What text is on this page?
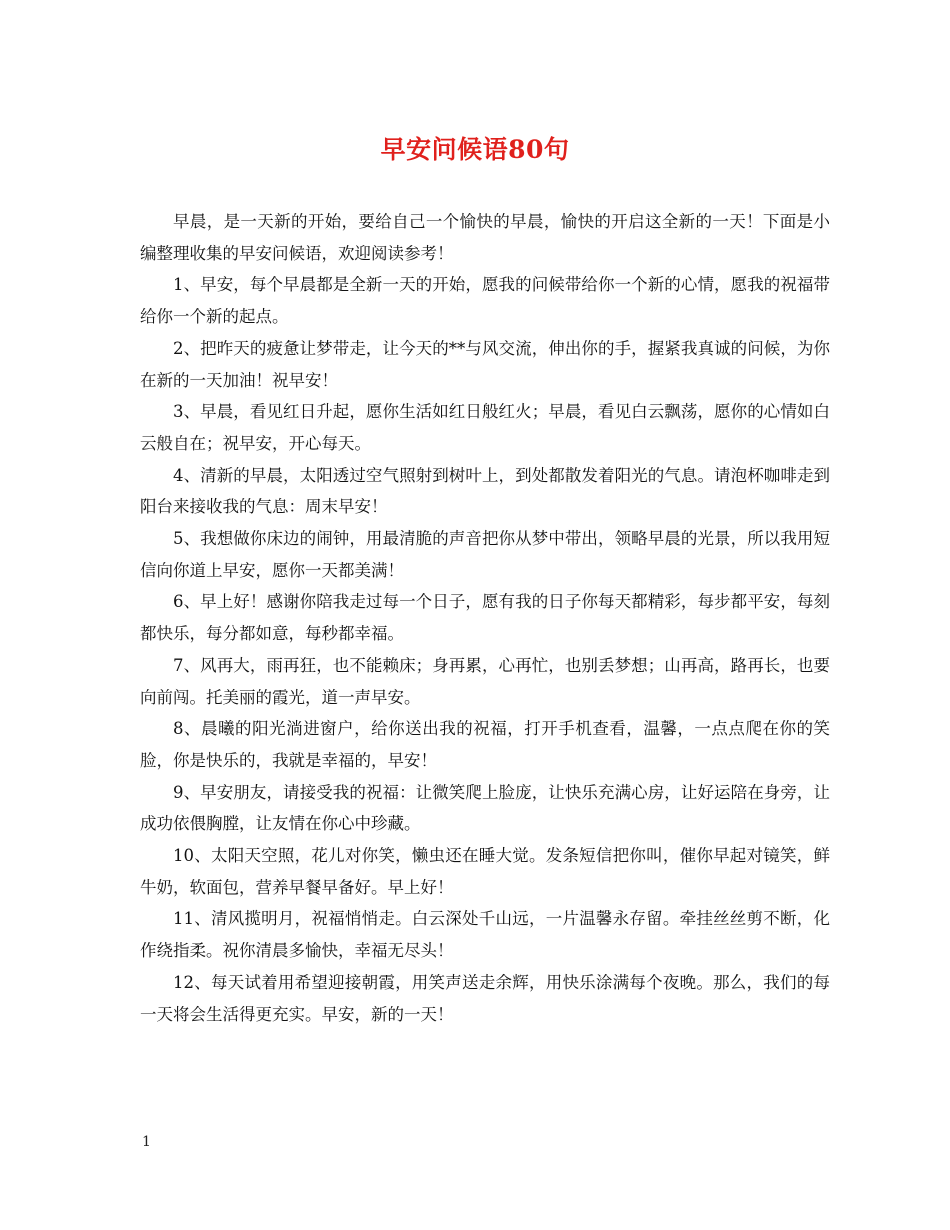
早安问候语80句

早晨，是一天新的开始，要给自己一个愉快的早晨，愉快的开启这全新的一天！下面是小编整理收集的早安问候语，欢迎阅读参考！

1、早安，每个早晨都是全新一天的开始，愿我的问候带给你一个新的心情，愿我的祝福带给你一个新的起点。

2、把昨天的疲惫让梦带走，让今天的**与风交流，伸出你的手，握紧我真诚的问候，为你在新的一天加油！祝早安！

3、早晨，看见红日升起，愿你生活如红日般红火；早晨，看见白云飘荡，愿你的心情如白云般自在；祝早安，开心每天。

4、清新的早晨，太阳透过空气照射到树叶上，到处都散发着阳光的气息。请泡杯咖啡走到阳台来接收我的气息：周末早安！

5、我想做你床边的闹钟，用最清脆的声音把你从梦中带出，领略早晨的光景，所以我用短信向你道上早安，愿你一天都美满！

6、早上好！感谢你陪我走过每一个日子，愿有我的日子你每天都精彩，每步都平安，每刻都快乐，每分都如意，每秒都幸福。

7、风再大，雨再狂，也不能赖床；身再累，心再忙，也别丢梦想；山再高，路再长，也要向前闯。托美丽的霞光，道一声早安。

8、晨曦的阳光淌进窗户，给你送出我的祝福，打开手机查看，温馨，一点点爬在你的笑脸，你是快乐的，我就是幸福的，早安！

9、早安朋友，请接受我的祝福：让微笑爬上脸庞，让快乐充满心房，让好运陪在身旁，让成功依偎胸膛，让友情在你心中珍藏。

10、太阳天空照，花儿对你笑，懒虫还在睡大觉。发条短信把你叫，催你早起对镜笑，鲜牛奶，软面包，营养早餐早备好。早上好！

11、清风揽明月，祝福悄悄走。白云深处千山远，一片温馨永存留。牵挂丝丝剪不断，化作绕指柔。祝你清晨多愉快，幸福无尽头！

12、每天试着用希望迎接朝霞，用笑声送走余辉，用快乐涂满每个夜晚。那么，我们的每一天将会生活得更充实。早安，新的一天！

1
